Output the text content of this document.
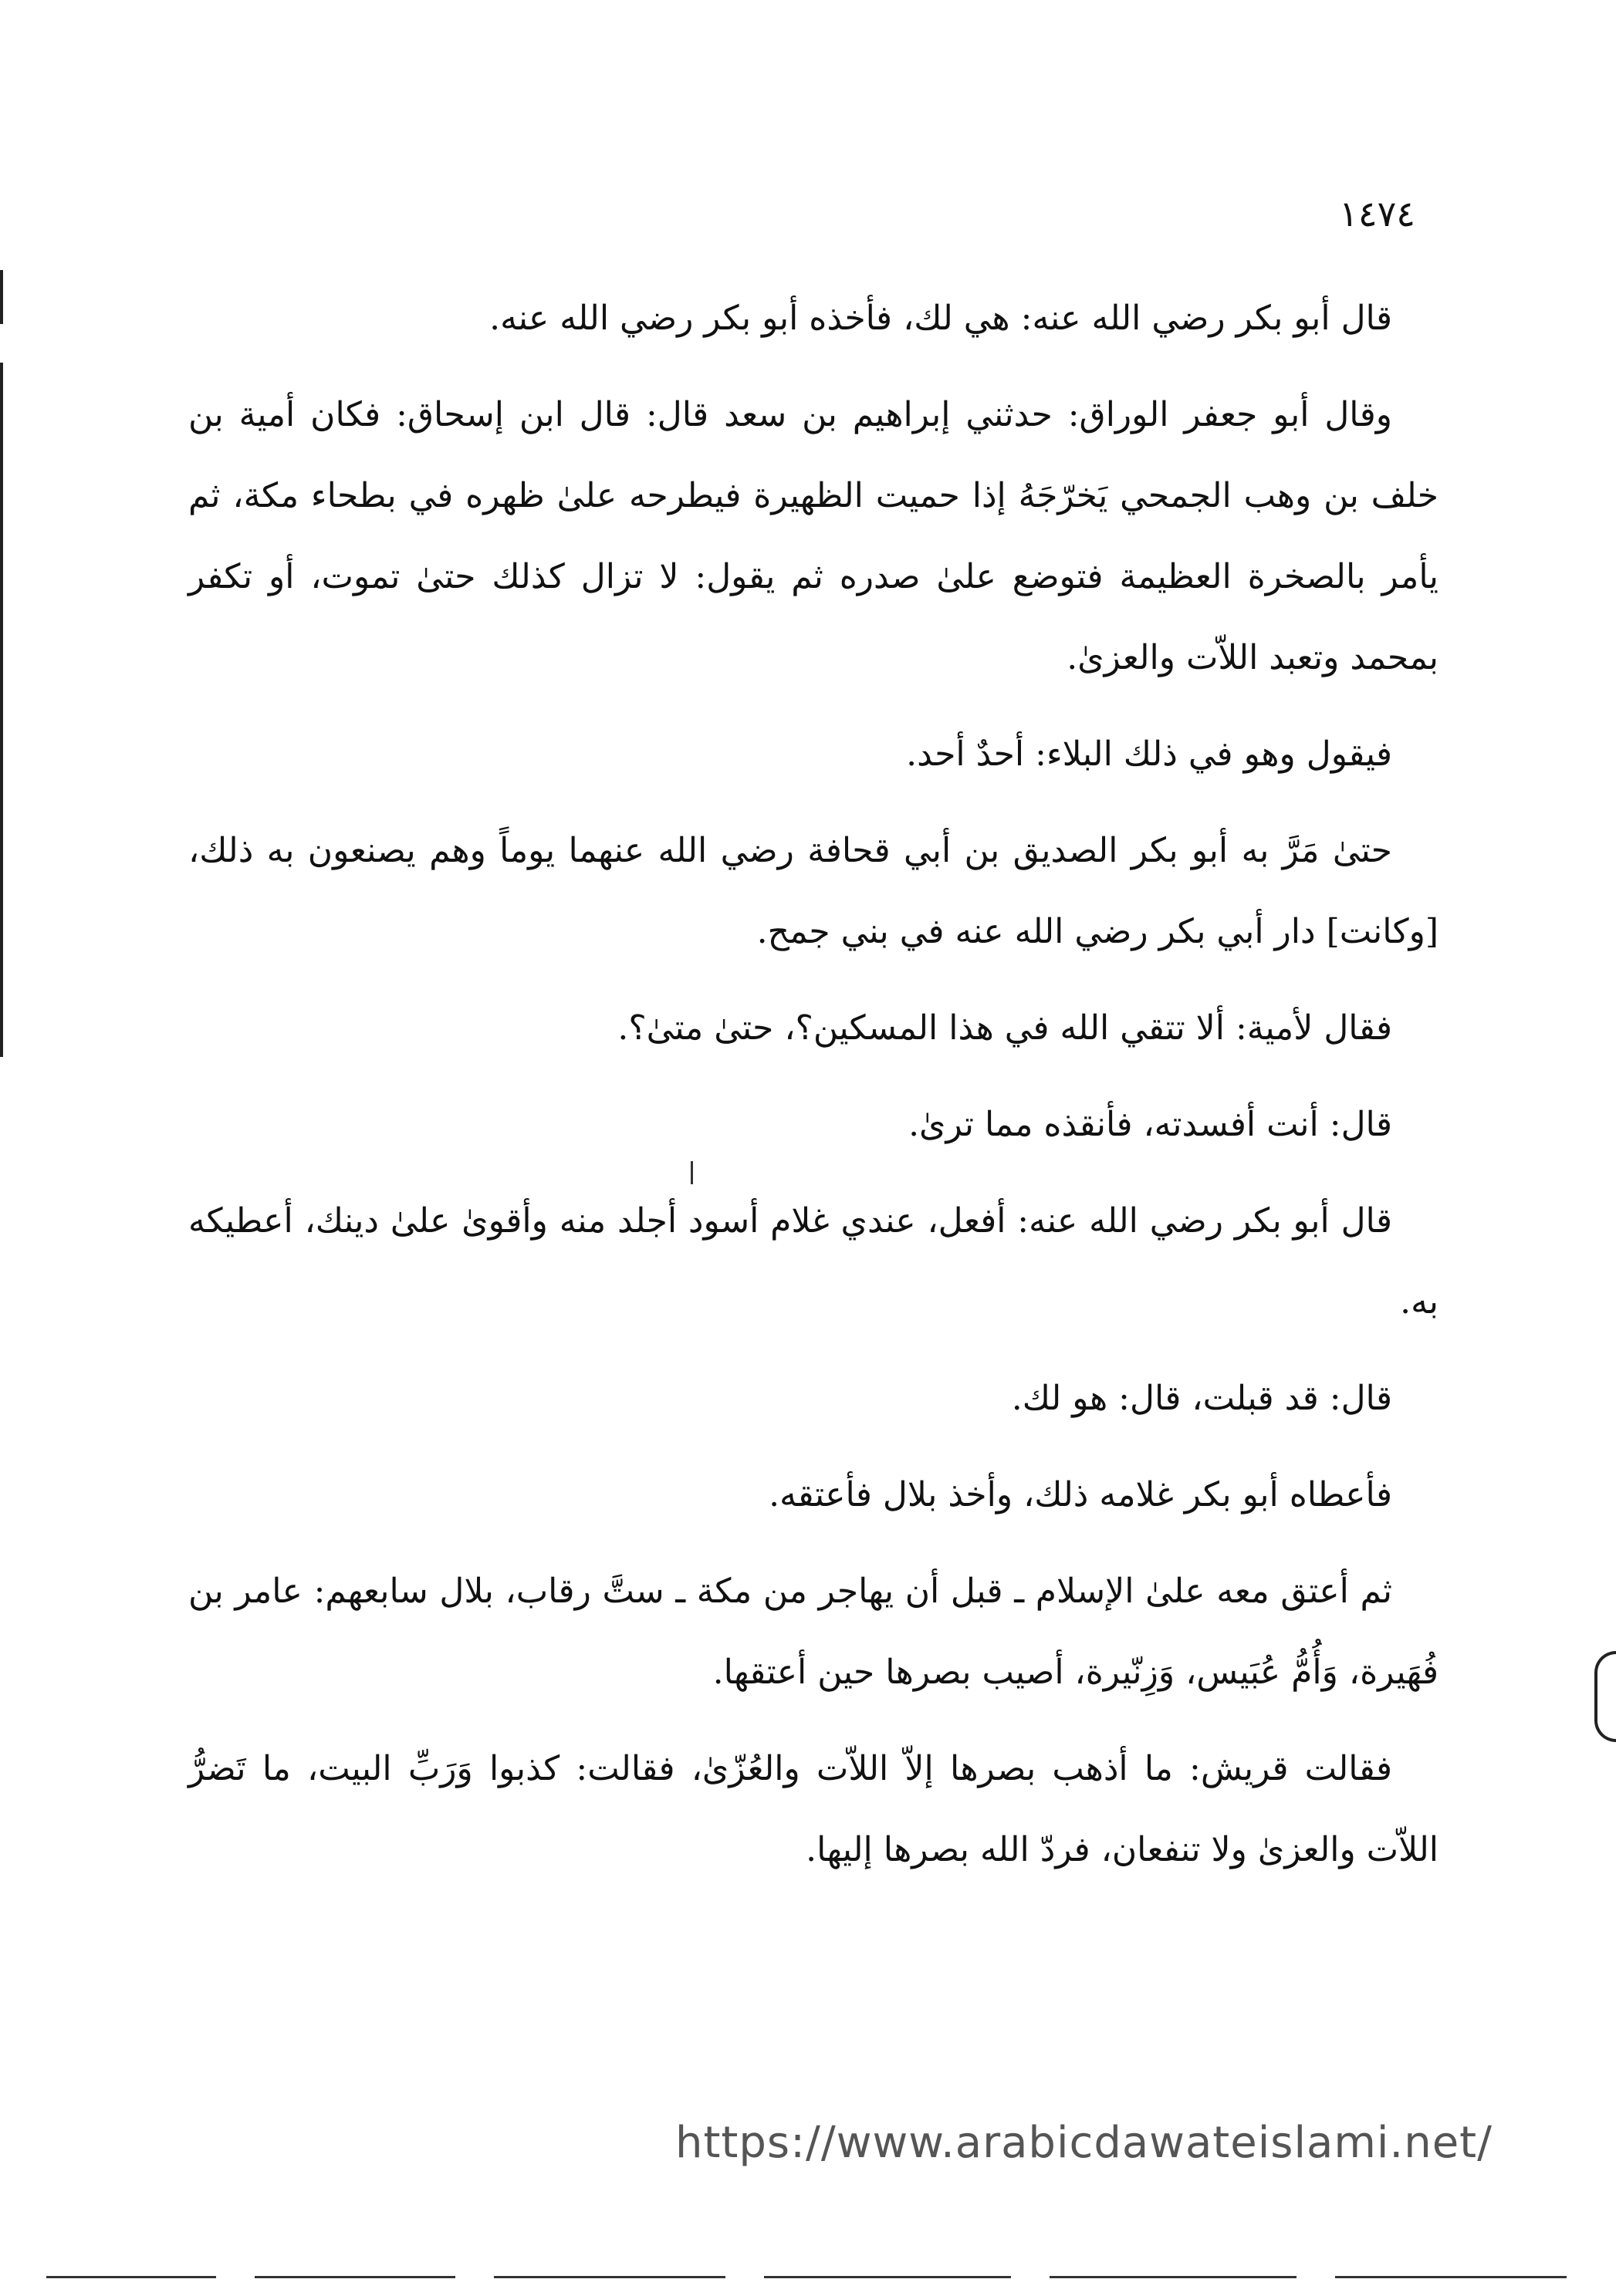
١٤٧٤

قال أبو بكر رضي الله عنه: هي لك، فأخذه أبو بكر رضي الله عنه.

وقال أبو جعفر الوراق: حدثني إبراهيم بن سعد قال: قال ابن إسحاق: فكان أمية بن خلف بن وهب الجمحي يَخرّجَهُ إذا حميت الظهيرة فيطرحه علىٰ ظهره في بطحاء مكة، ثم يأمر بالصخرة العظيمة فتوضع علىٰ صدره ثم يقول: لا تزال كذلك حتىٰ تموت، أو تكفر بمحمد وتعبد اللاّت والعزىٰ.

فيقول وهو في ذلك البلاء: أحدٌ أحد.

حتىٰ مَرَّ به أبو بكر الصديق بن أبي قحافة رضي الله عنهما يوماً وهم يصنعون به ذلك، [وكانت] دار أبي بكر رضي الله عنه في بني جمح.

فقال لأمية: ألا تتقي الله في هذا المسكين؟، حتىٰ متىٰ؟.

قال: أنت أفسدته، فأنقذه مما ترىٰ.

قال أبو بكر رضي الله عنه: أفعل، عندي غلام أسود أجلد منه وأقوىٰ علىٰ دينك، أعطيكه به.

قال: قد قبلت، قال: هو لك.

فأعطاه أبو بكر غلامه ذلك، وأخذ بلال فأعتقه.

ثم أعتق معه علىٰ الإسلام ـ قبل أن يهاجر من مكة ـ ستَّ رقاب، بلال سابعهم: عامر بن فُهَيرة، وَأُمُّ عُبَيس، وَزِنّيرة، أصيب بصرها حين أعتقها.

فقالت قريش: ما أذهب بصرها إلاّ اللاّت والعُزّىٰ، فقالت: كذبوا وَرَبِّ البيت، ما تَضرُّ اللاّت والعزىٰ ولا تنفعان، فردّ الله بصرها إليها.

https://www.arabicdawateislami.net/
